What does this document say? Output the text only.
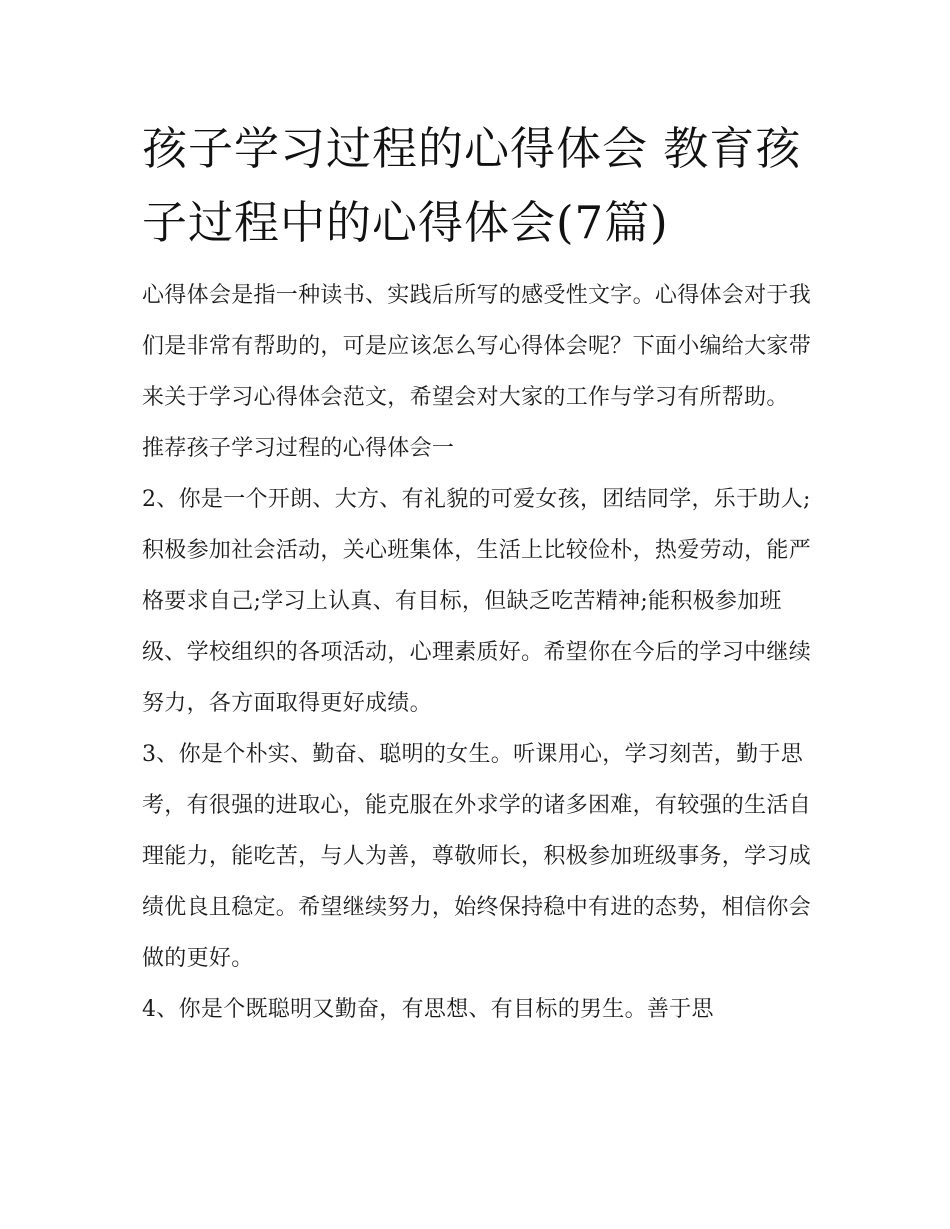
孩子学习过程的心得体会 教育孩子过程中的心得体会(7篇)

心得体会是指一种读书、实践后所写的感受性文字。心得体会对于我们是非常有帮助的，可是应该怎么写心得体会呢？下面小编给大家带来关于学习心得体会范文，希望会对大家的工作与学习有所帮助。

推荐孩子学习过程的心得体会一

2、你是一个开朗、大方、有礼貌的可爱女孩，团结同学，乐于助人;积极参加社会活动，关心班集体，生活上比较俭朴，热爱劳动，能严格要求自己;学习上认真、有目标，但缺乏吃苦精神;能积极参加班级、学校组织的各项活动，心理素质好。希望你在今后的学习中继续努力，各方面取得更好成绩。

3、你是个朴实、勤奋、聪明的女生。听课用心，学习刻苦，勤于思考，有很强的进取心，能克服在外求学的诸多困难，有较强的生活自理能力，能吃苦，与人为善，尊敬师长，积极参加班级事务，学习成绩优良且稳定。希望继续努力，始终保持稳中有进的态势，相信你会做的更好。

4、你是个既聪明又勤奋，有思想、有目标的男生。善于思
